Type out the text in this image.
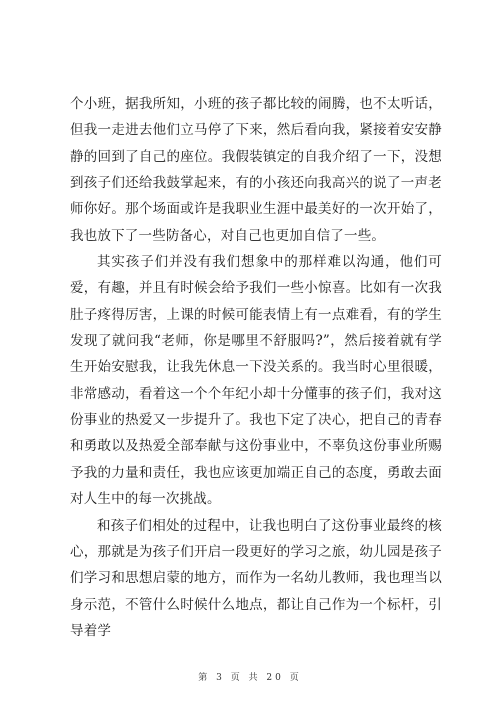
个小班，据我所知，小班的孩子都比较的闹腾，也不太听话，但我一走进去他们立马停了下来，然后看向我，紧接着安安静静的回到了自己的座位。我假装镇定的自我介绍了一下，没想到孩子们还给我鼓掌起来，有的小孩还向我高兴的说了一声老师你好。那个场面或许是我职业生涯中最美好的一次开始了，我也放下了一些防备心，对自己也更加自信了一些。

其实孩子们并没有我们想象中的那样难以沟通，他们可爱，有趣，并且有时候会给予我们一些小惊喜。比如有一次我肚子疼得厉害，上课的时候可能表情上有一点难看，有的学生发现了就问我“老师，你是哪里不舒服吗?”，然后接着就有学生开始安慰我，让我先休息一下没关系的。我当时心里很暖，非常感动，看着这一个个年纪小却十分懂事的孩子们，我对这份事业的热爱又一步提升了。我也下定了决心，把自己的青春和勇敢以及热爱全部奉献与这份事业中，不辜负这份事业所赐予我的力量和责任，我也应该更加端正自己的态度，勇敢去面对人生中的每一次挑战。

和孩子们相处的过程中，让我也明白了这份事业最终的核心，那就是为孩子们开启一段更好的学习之旅，幼儿园是孩子们学习和思想启蒙的地方，而作为一名幼儿教师，我也理当以身示范，不管什么时候什么地点，都让自己作为一个标杆，引导着学

第 3 页 共 20 页
